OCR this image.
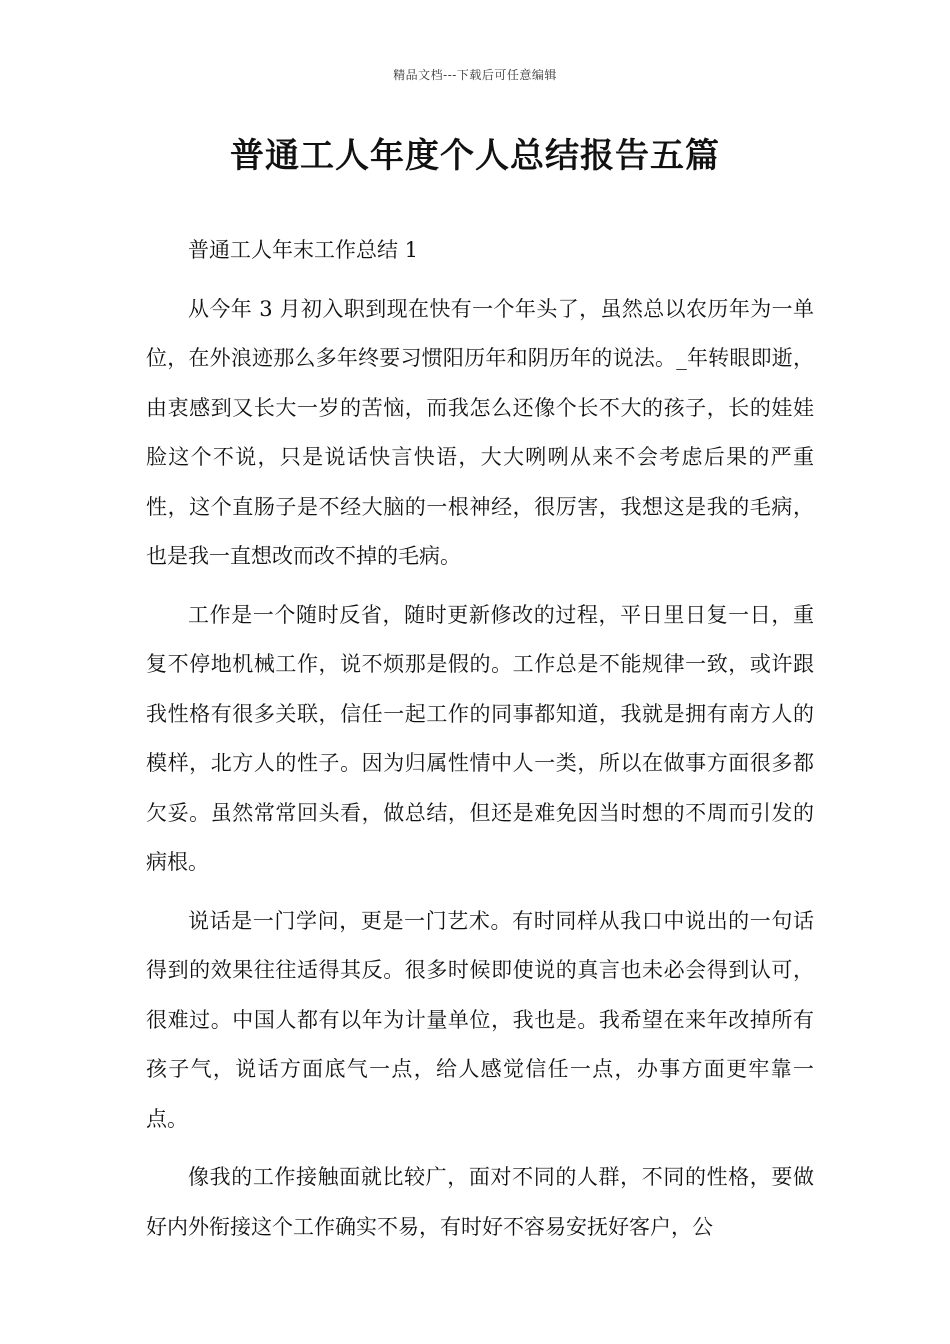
精品文档---下载后可任意编辑
普通工人年度个人总结报告五篇

普通工人年末工作总结 1

从今年 3 月初入职到现在快有一个年头了，虽然总以农历年为一单位，在外浪迹那么多年终要习惯阳历年和阴历年的说法。_年转眼即逝，由衷感到又长大一岁的苦恼，而我怎么还像个长不大的孩子，长的娃娃脸这个不说，只是说话快言快语，大大咧咧从来不会考虑后果的严重性，这个直肠子是不经大脑的一根神经，很厉害，我想这是我的毛病，也是我一直想改而改不掉的毛病。

工作是一个随时反省，随时更新修改的过程，平日里日复一日，重复不停地机械工作，说不烦那是假的。工作总是不能规律一致，或许跟我性格有很多关联，信任一起工作的同事都知道，我就是拥有南方人的模样，北方人的性子。因为归属性情中人一类，所以在做事方面很多都欠妥。虽然常常回头看，做总结，但还是难免因当时想的不周而引发的病根。

说话是一门学问，更是一门艺术。有时同样从我口中说出的一句话得到的效果往往适得其反。很多时候即使说的真言也未必会得到认可，很难过。中国人都有以年为计量单位，我也是。我希望在来年改掉所有孩子气，说话方面底气一点，给人感觉信任一点，办事方面更牢靠一点。

像我的工作接触面就比较广，面对不同的人群，不同的性格，要做好内外衔接这个工作确实不易，有时好不容易安抚好客户，公
